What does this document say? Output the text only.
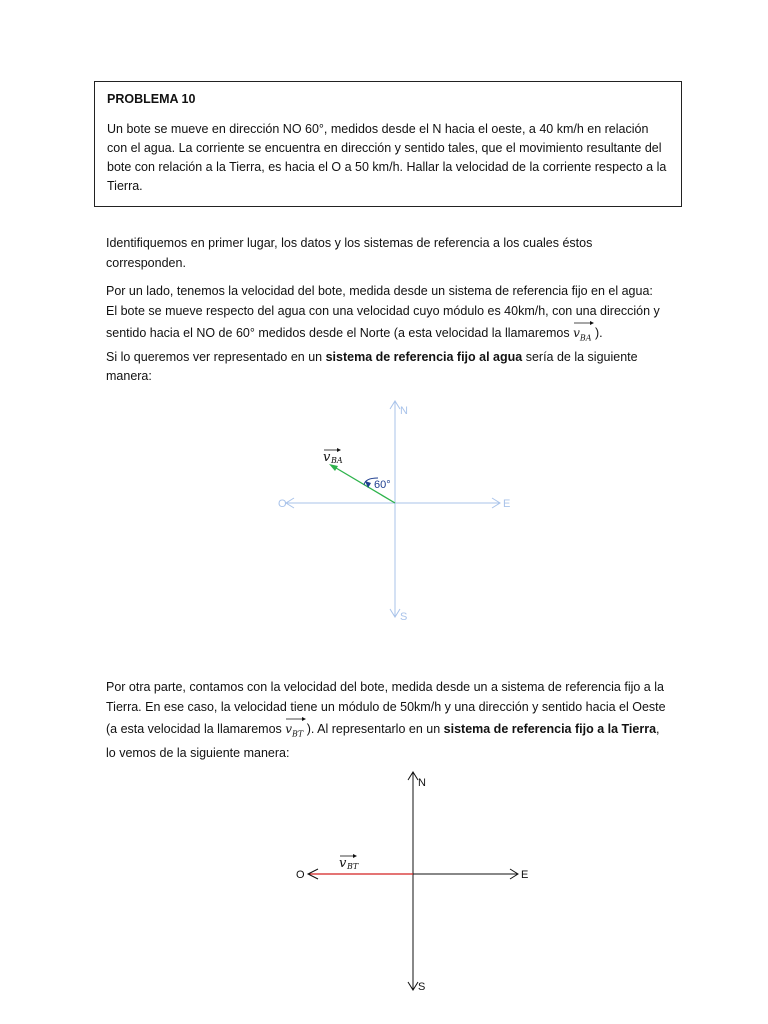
PROBLEMA 10

Un bote se mueve en dirección NO 60°, medidos desde el N hacia el oeste, a 40 km/h en relación con el agua. La corriente se encuentra en dirección y sentido tales, que el movimiento resultante del bote con relación a la Tierra, es hacia el O a 50 km/h. Hallar la velocidad de la corriente respecto a la Tierra.

Identifiquemos en primer lugar, los datos y los sistemas de referencia a los cuales éstos corresponden.

Por un lado, tenemos la velocidad del bote, medida desde un sistema de referencia fijo en el agua: El bote se mueve respecto del agua con una velocidad cuyo módulo es 40km/h, con una dirección y sentido hacia el NO de 60° medidos desde el Norte (a esta velocidad la llamaremos $v_{BA}$ ).
Si lo queremos ver representado en un sistema de referencia fijo al agua sería de la siguiente manera:

N
S
E
O
60°
v BA

Por otra parte, contamos con la velocidad del bote, medida desde un a sistema de referencia fijo a la Tierra. En ese caso, la velocidad tiene un módulo de 50km/h y una dirección y sentido hacia el Oeste (a esta velocidad la llamaremos $v_{BT}$ ). Al representarlo en un sistema de referencia fijo a la Tierra, lo vemos de la siguiente manera:

N
S
E
O
v BT
